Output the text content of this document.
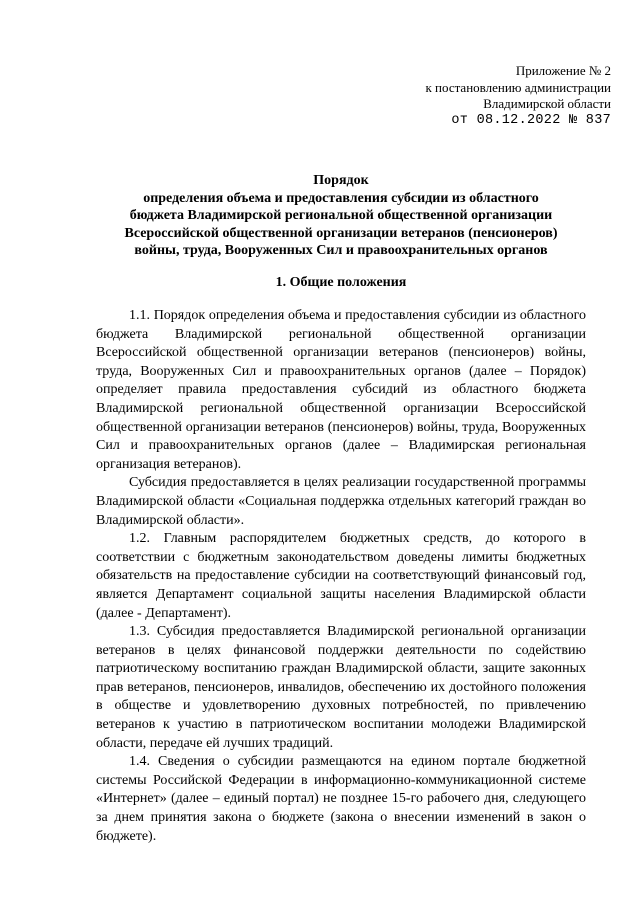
Приложение № 2
к постановлению администрации
Владимирской области
от 08.12.2022 № 837
Порядок
определения объема и предоставления субсидии из областного
бюджета Владимирской региональной общественной организации
Всероссийской общественной организации ветеранов (пенсионеров)
войны, труда, Вооруженных Сил и правоохранительных органов
1. Общие положения

1.1. Порядок определения объема и предоставления субсидии из областного бюджета Владимирской региональной общественной организации Всероссийской общественной организации ветеранов (пенсионеров) войны, труда, Вооруженных Сил и правоохранительных органов (далее – Порядок) определяет правила предоставления субсидий из областного бюджета Владимирской региональной общественной организации Всероссийской общественной организации ветеранов (пенсионеров) войны, труда, Вооруженных Сил и правоохранительных органов (далее – Владимирская региональная организация ветеранов).

Субсидия предоставляется в целях реализации государственной программы Владимирской области «Социальная поддержка отдельных категорий граждан во Владимирской области».

1.2. Главным распорядителем бюджетных средств, до которого в соответствии с бюджетным законодательством доведены лимиты бюджетных обязательств на предоставление субсидии на соответствующий финансовый год, является Департамент социальной защиты населения Владимирской области (далее - Департамент).

1.3. Субсидия предоставляется Владимирской региональной организации ветеранов в целях финансовой поддержки деятельности по содействию патриотическому воспитанию граждан Владимирской области, защите законных прав ветеранов, пенсионеров, инвалидов, обеспечению их достойного положения в обществе и удовлетворению духовных потребностей, по привлечению ветеранов к участию в патриотическом воспитании молодежи Владимирской области, передаче ей лучших традиций.

1.4. Сведения о субсидии размещаются на едином портале бюджетной системы Российской Федерации в информационно-коммуникационной системе «Интернет» (далее – единый портал) не позднее 15-го рабочего дня, следующего за днем принятия закона о бюджете (закона о внесении изменений в закон о бюджете).
